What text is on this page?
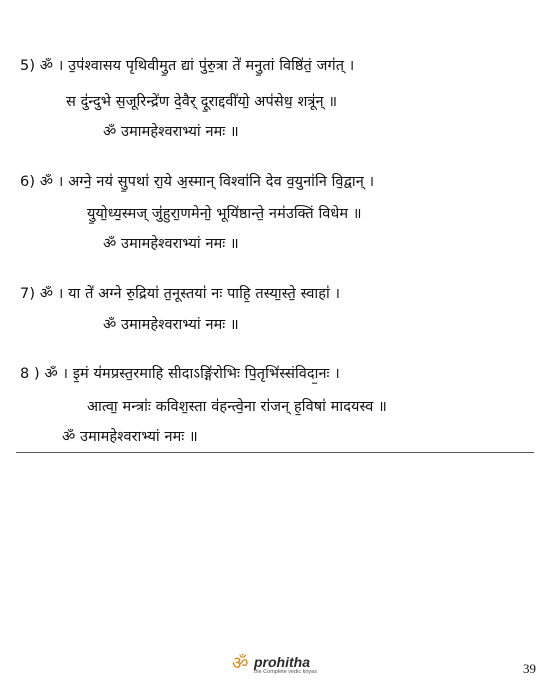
5) ॐ । उ॒प॑श्वासय पृथिवीमु॒त द्यां पु॑रु॒त्रा ते॑ मनु॒तां विष्ठि॑तं॒ जग॑त् ।
स दु॑न्दुभे स॒जूरिन्द्रे॑ण दे॒वैर् दू॒राद्दवी॑यो॒ अप॑सेध॒ शत्रू॑न् ॥
ॐ उमामहेश्वराभ्यां नमः ॥
6) ॐ । अग्ने॒ नय॑ सु॒पथा॑ रा॒ये अ॒स्मान् विश्वा॑नि देव व॒युना॑नि वि॒द्वान् ।
यु॒यो॒ध्य॒स्मज् जु॑हुरा॒णमेनो॒ भूयि॑ष्ठान्ते॒ नम॑उक्तिं विधेम ॥
ॐ उमामहेश्वराभ्यां नमः ॥
7) ॐ । या ते॑ अग्ने रु॒द्रिया॑ त॒नूस्तया॑ नः पाहि॒ तस्या॒स्ते॒ स्वाहा॑ ।
ॐ उमामहेश्वराभ्यां नमः ॥
8 ) ॐ । इ॒मं य॑मप्रस्त॒रमाहि सीदाऽङ्गि॑रोभिः पि॒तृभि॑स्संविदा॒नः ।
आत्वा॒ मन्त्राः॑ कविश॒स्ता व॑हन्त्वे॒ना रा॑जन् ह॒विषा॑ मादयस्व ॥
ॐ उमामहेश्वराभ्यां नमः ॥
ॐ prohitha
the Complete vedic kriyas	39
